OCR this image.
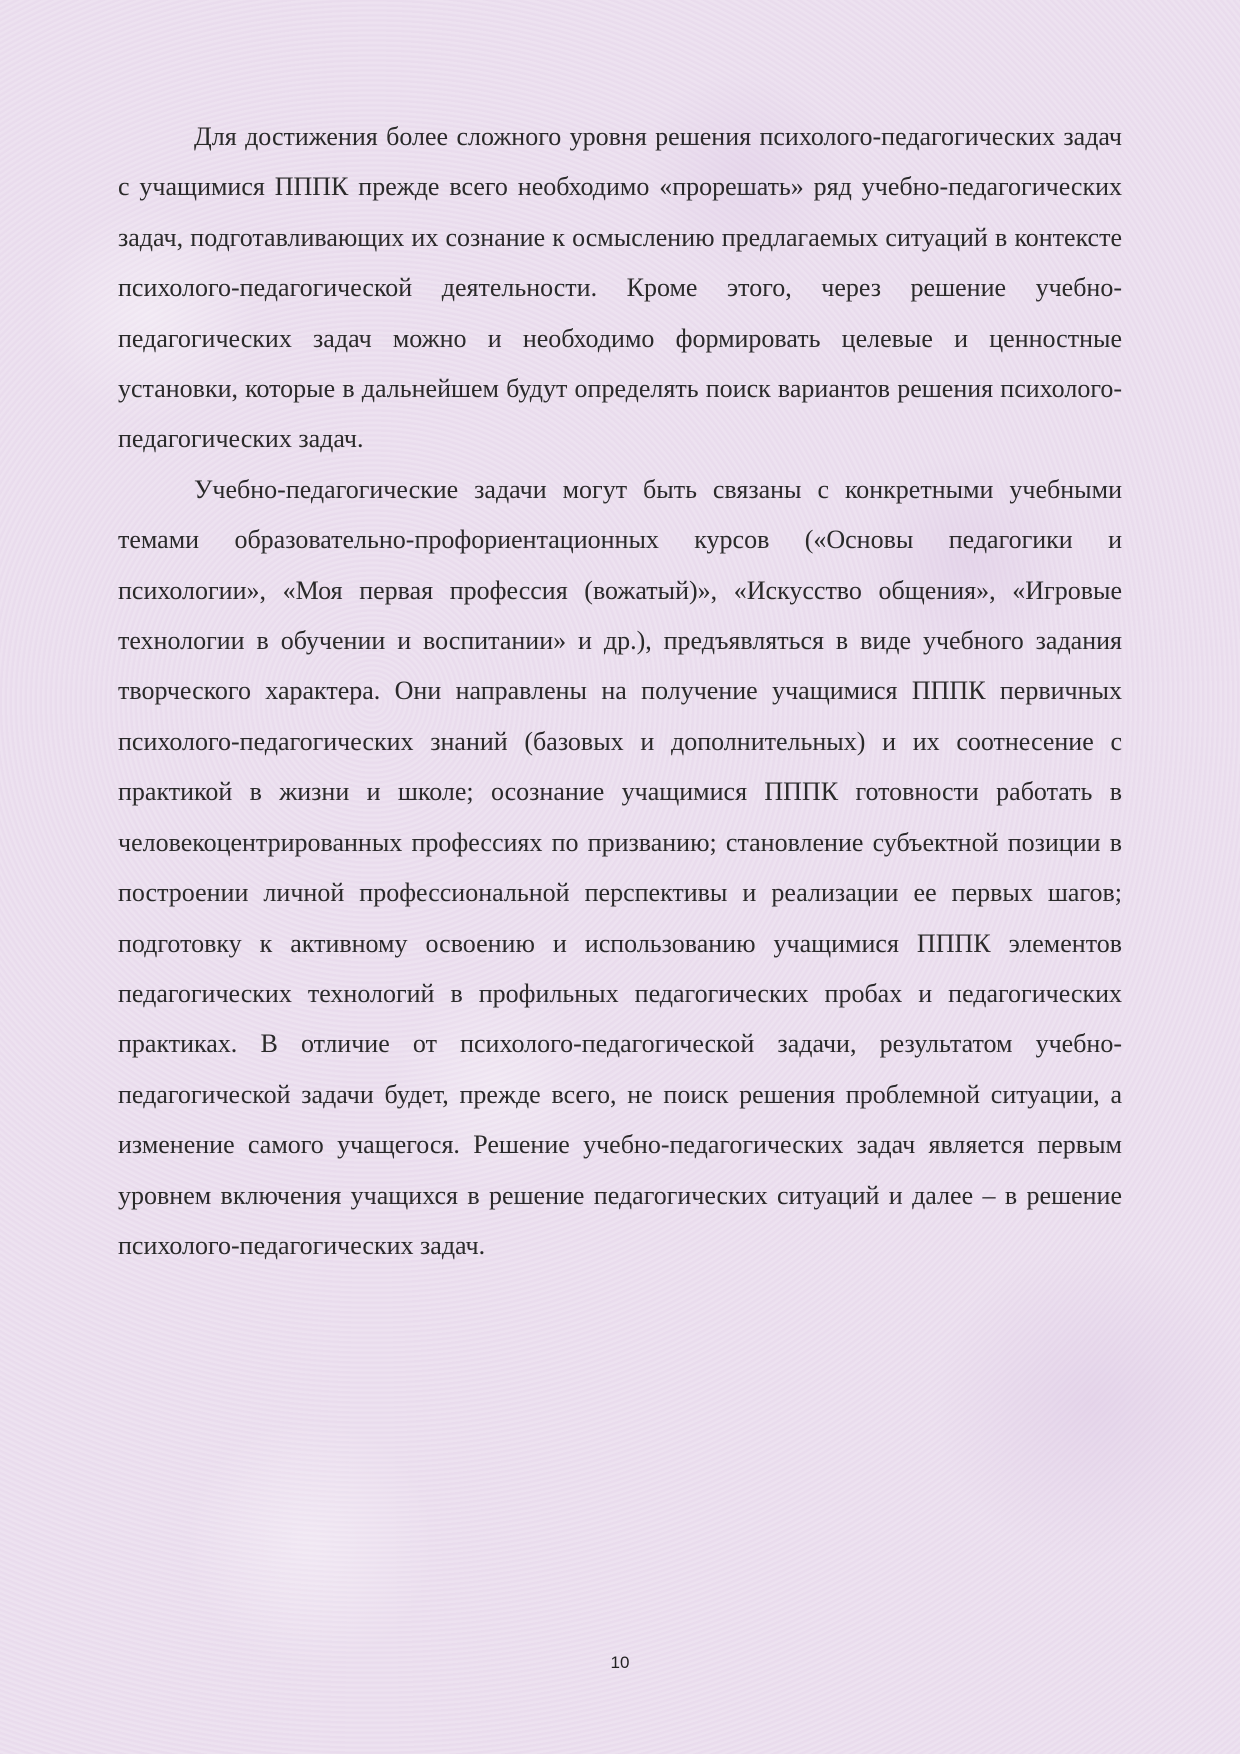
Для достижения более сложного уровня решения психолого-педагогических задач с учащимися ПППК прежде всего необходимо «прорешать» ряд учебно-педагогических задач, подготавливающих их сознание к осмыслению предлагаемых ситуаций в контексте психолого-педагогической деятельности. Кроме этого, через решение учебно-педагогических задач можно и необходимо формировать целевые и ценностные установки, которые в дальнейшем будут определять поиск вариантов решения психолого-педагогических задач.

Учебно-педагогические задачи могут быть связаны с конкретными учебными темами образовательно-профориентационных курсов («Основы педагогики и психологии», «Моя первая профессия (вожатый)», «Искусство общения», «Игровые технологии в обучении и воспитании» и др.), предъявляться в виде учебного задания творческого характера. Они направлены на получение учащимися ПППК первичных психолого-педагогических знаний (базовых и дополнительных) и их соотнесение с практикой в жизни и школе; осознание учащимися ПППК готовности работать в человекоцентрированных профессиях по призванию; становление субъектной позиции в построении личной профессиональной перспективы и реализации ее первых шагов; подготовку к активному освоению и использованию учащимися ПППК элементов педагогических технологий в профильных педагогических пробах и педагогических практиках. В отличие от психолого-педагогической задачи, результатом учебно-педагогической задачи будет, прежде всего, не поиск решения проблемной ситуации, а изменение самого учащегося. Решение учебно-педагогических задач является первым уровнем включения учащихся в решение педагогических ситуаций и далее – в решение психолого-педагогических задач.

10
